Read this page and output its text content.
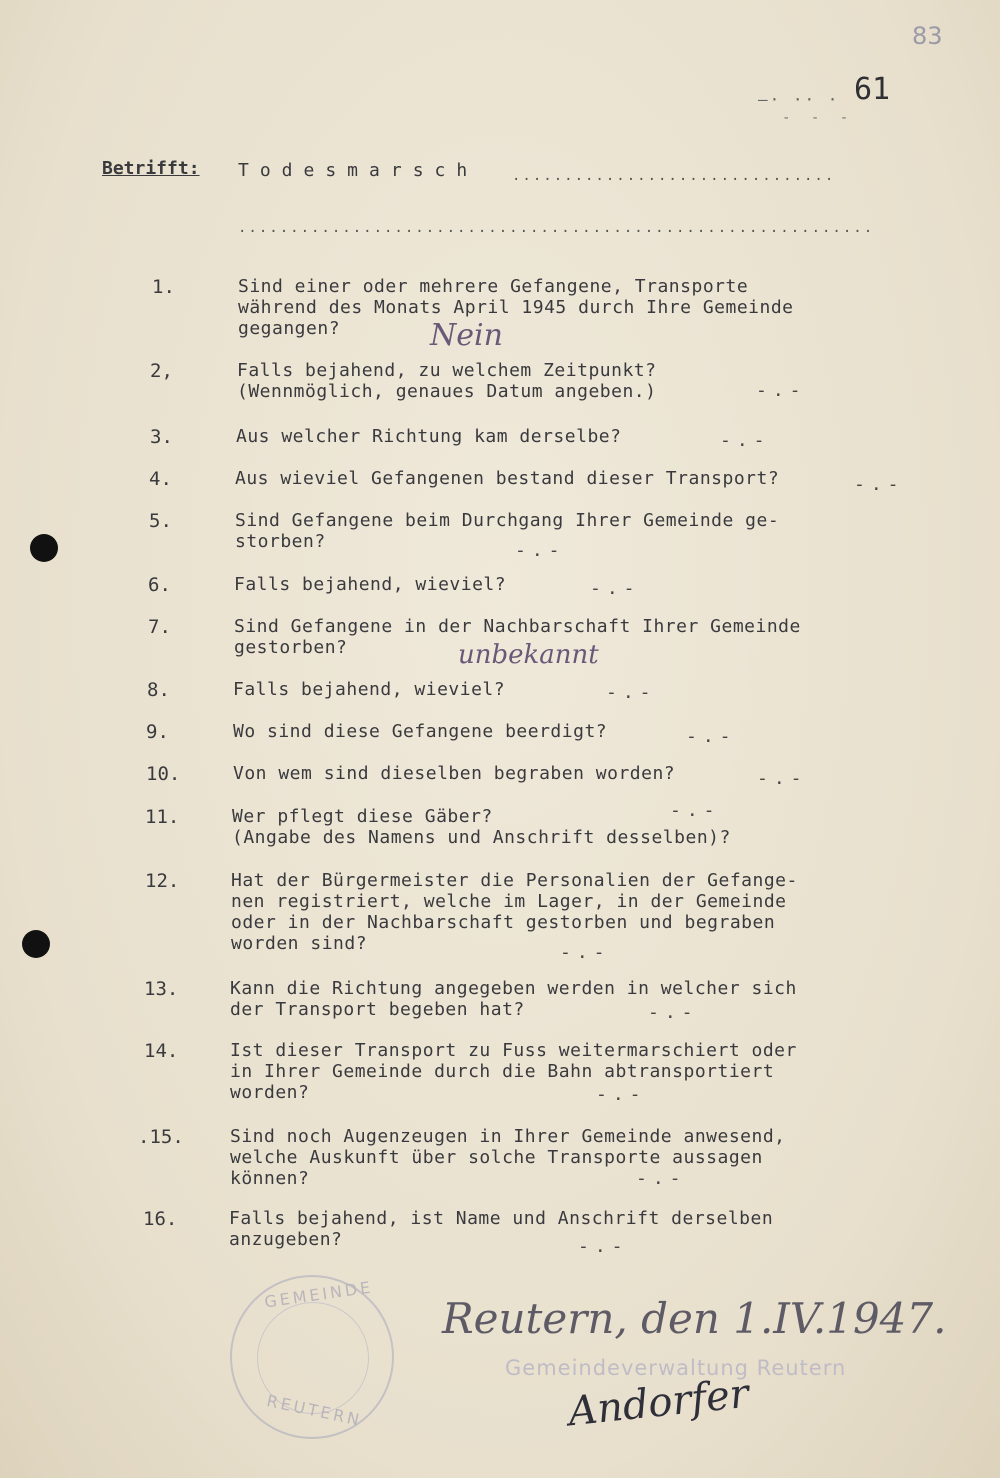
83
–· ·· ·
- - -
61
Betrifft: Todesmarsch ...............................
.............................................................
1.	Sind einer oder mehrere Gefangene, Transporte
während des Monats April 1945 durch Ihre Gemeinde
gegangen?	Nein
2,	Falls bejahend, zu welchem Zeitpunkt?
(Wennmöglich, genaues Datum angeben.)	-.-
3.	Aus welcher Richtung kam derselbe?	-.-
4.	Aus wieviel Gefangenen bestand dieser Transport?	-.-
5.	Sind Gefangene beim Durchgang Ihrer Gemeinde ge-
storben?	-.-
6.	Falls bejahend, wieviel?	-.-
7.	Sind Gefangene in der Nachbarschaft Ihrer Gemeinde
gestorben?	unbekannt
8.	Falls bejahend, wieviel?	-.-
9.	Wo sind diese Gefangene beerdigt?	-.-
10.	Von wem sind dieselben begraben worden?	-.-
11.	Wer pflegt diese Gäber?
(Angabe des Namens und Anschrift desselben)?
-.-
12.	Hat der Bürgermeister die Personalien der Gefange-
nen registriert, welche im Lager, in der Gemeinde
oder in der Nachbarschaft gestorben und begraben
worden sind?	-.-
13.	Kann die Richtung angegeben werden in welcher sich
der Transport begeben hat?	-.-
14.	Ist dieser Transport zu Fuss weitermarschiert oder
in Ihrer Gemeinde durch die Bahn abtransportiert
worden?	-.-
.15.	Sind noch Augenzeugen in Ihrer Gemeinde anwesend,
welche Auskunft über solche Transporte aussagen
können?	-.-
16.	Falls bejahend, ist Name und Anschrift derselben
anzugeben?	-.-
GEMEINDE
REUTERN
Reutern, den 1.IV.1947.
Gemeindeverwaltung Reutern
Andorfer
